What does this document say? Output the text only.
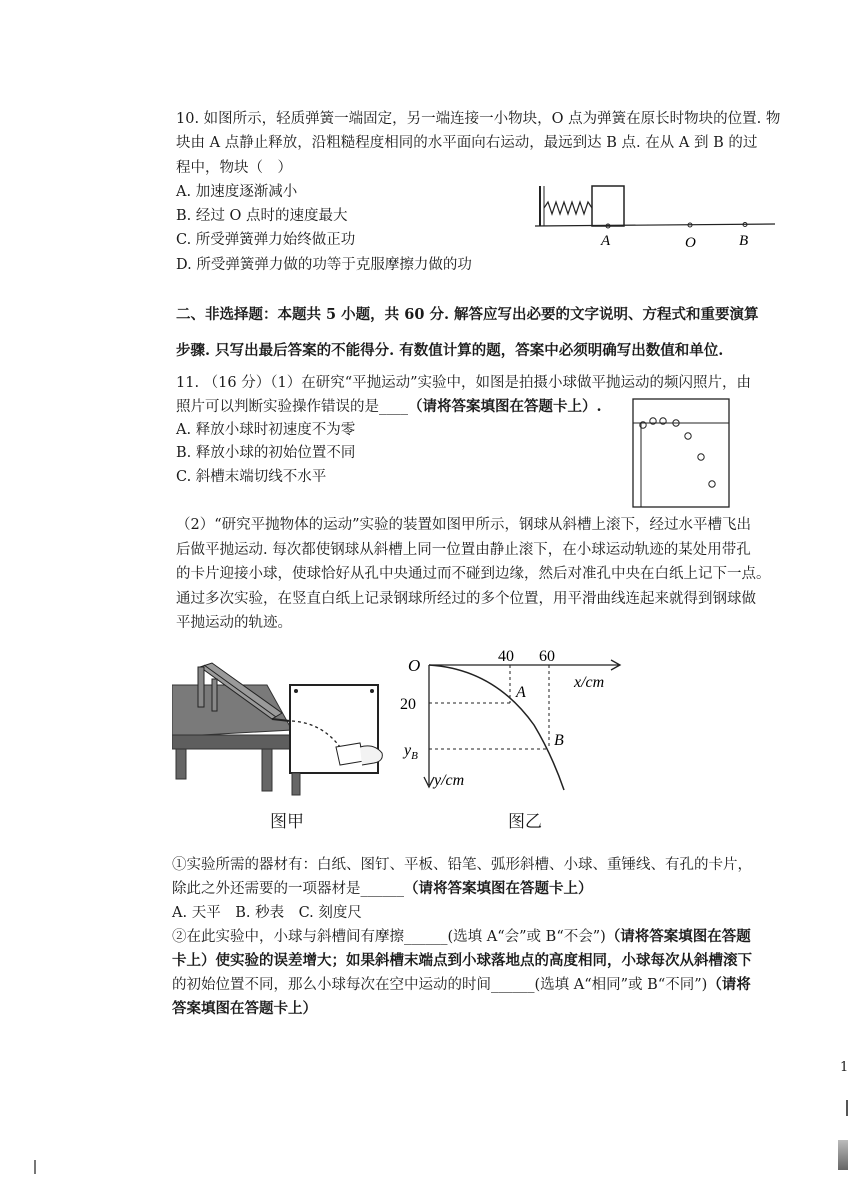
10. 如图所示，轻质弹簧一端固定，另一端连接一小物块，O 点为弹簧在原长时物块的位置. 物
块由 A 点静止释放，沿粗糙程度相同的水平面向右运动，最远到达 B 点. 在从 A 到 B 的过
程中，物块（　）
A. 加速度逐渐减小
B. 经过 O 点时的速度最大
C. 所受弹簧弹力始终做正功
D. 所受弹簧弹力做的功等于克服摩擦力做的功
A	O	B
二、非选择题：本题共 5 小题，共 60 分. 解答应写出必要的文字说明、方程式和重要演算
步骤. 只写出最后答案的不能得分. 有数值计算的题，答案中必须明确写出数值和单位.
11. （16 分）（1）在研究“平抛运动”实验中，如图是拍摄小球做平抛运动的频闪照片，由
照片可以判断实验操作错误的是____（请将答案填图在答题卡上）.
A. 释放小球时初速度不为零
B. 释放小球的初始位置不同
C. 斜槽末端切线不水平
（2）“研究平抛物体的运动”实验的装置如图甲所示，钢球从斜槽上滚下，经过水平槽飞出
后做平抛运动. 每次都使钢球从斜槽上同一位置由静止滚下，在小球运动轨迹的某处用带孔
的卡片迎接小球，使球恰好从孔中央通过而不碰到边缘，然后对准孔中央在白纸上记下一点。
通过多次实验，在竖直白纸上记录钢球所经过的多个位置，用平滑曲线连起来就得到钢球做
平抛运动的轨迹。
图甲
O	40 60
x/cm
20
$y_B$
y/cm
A
B
图乙
①实验所需的器材有：白纸、图钉、平板、铅笔、弧形斜槽、小球、重锤线、有孔的卡片，
除此之外还需要的一项器材是______（请将答案填图在答题卡上）
A. 天平　B. 秒表　C. 刻度尺
②在此实验中，小球与斜槽间有摩擦______(选填 A“会”或 B“不会”)（请将答案填图在答题
卡上）使实验的误差增大；如果斜槽末端点到小球落地点的高度相同，小球每次从斜槽滚下
的初始位置不同，那么小球每次在空中运动的时间______(选填 A“相同”或 B“不同”)（请将
答案填图在答题卡上）
1
